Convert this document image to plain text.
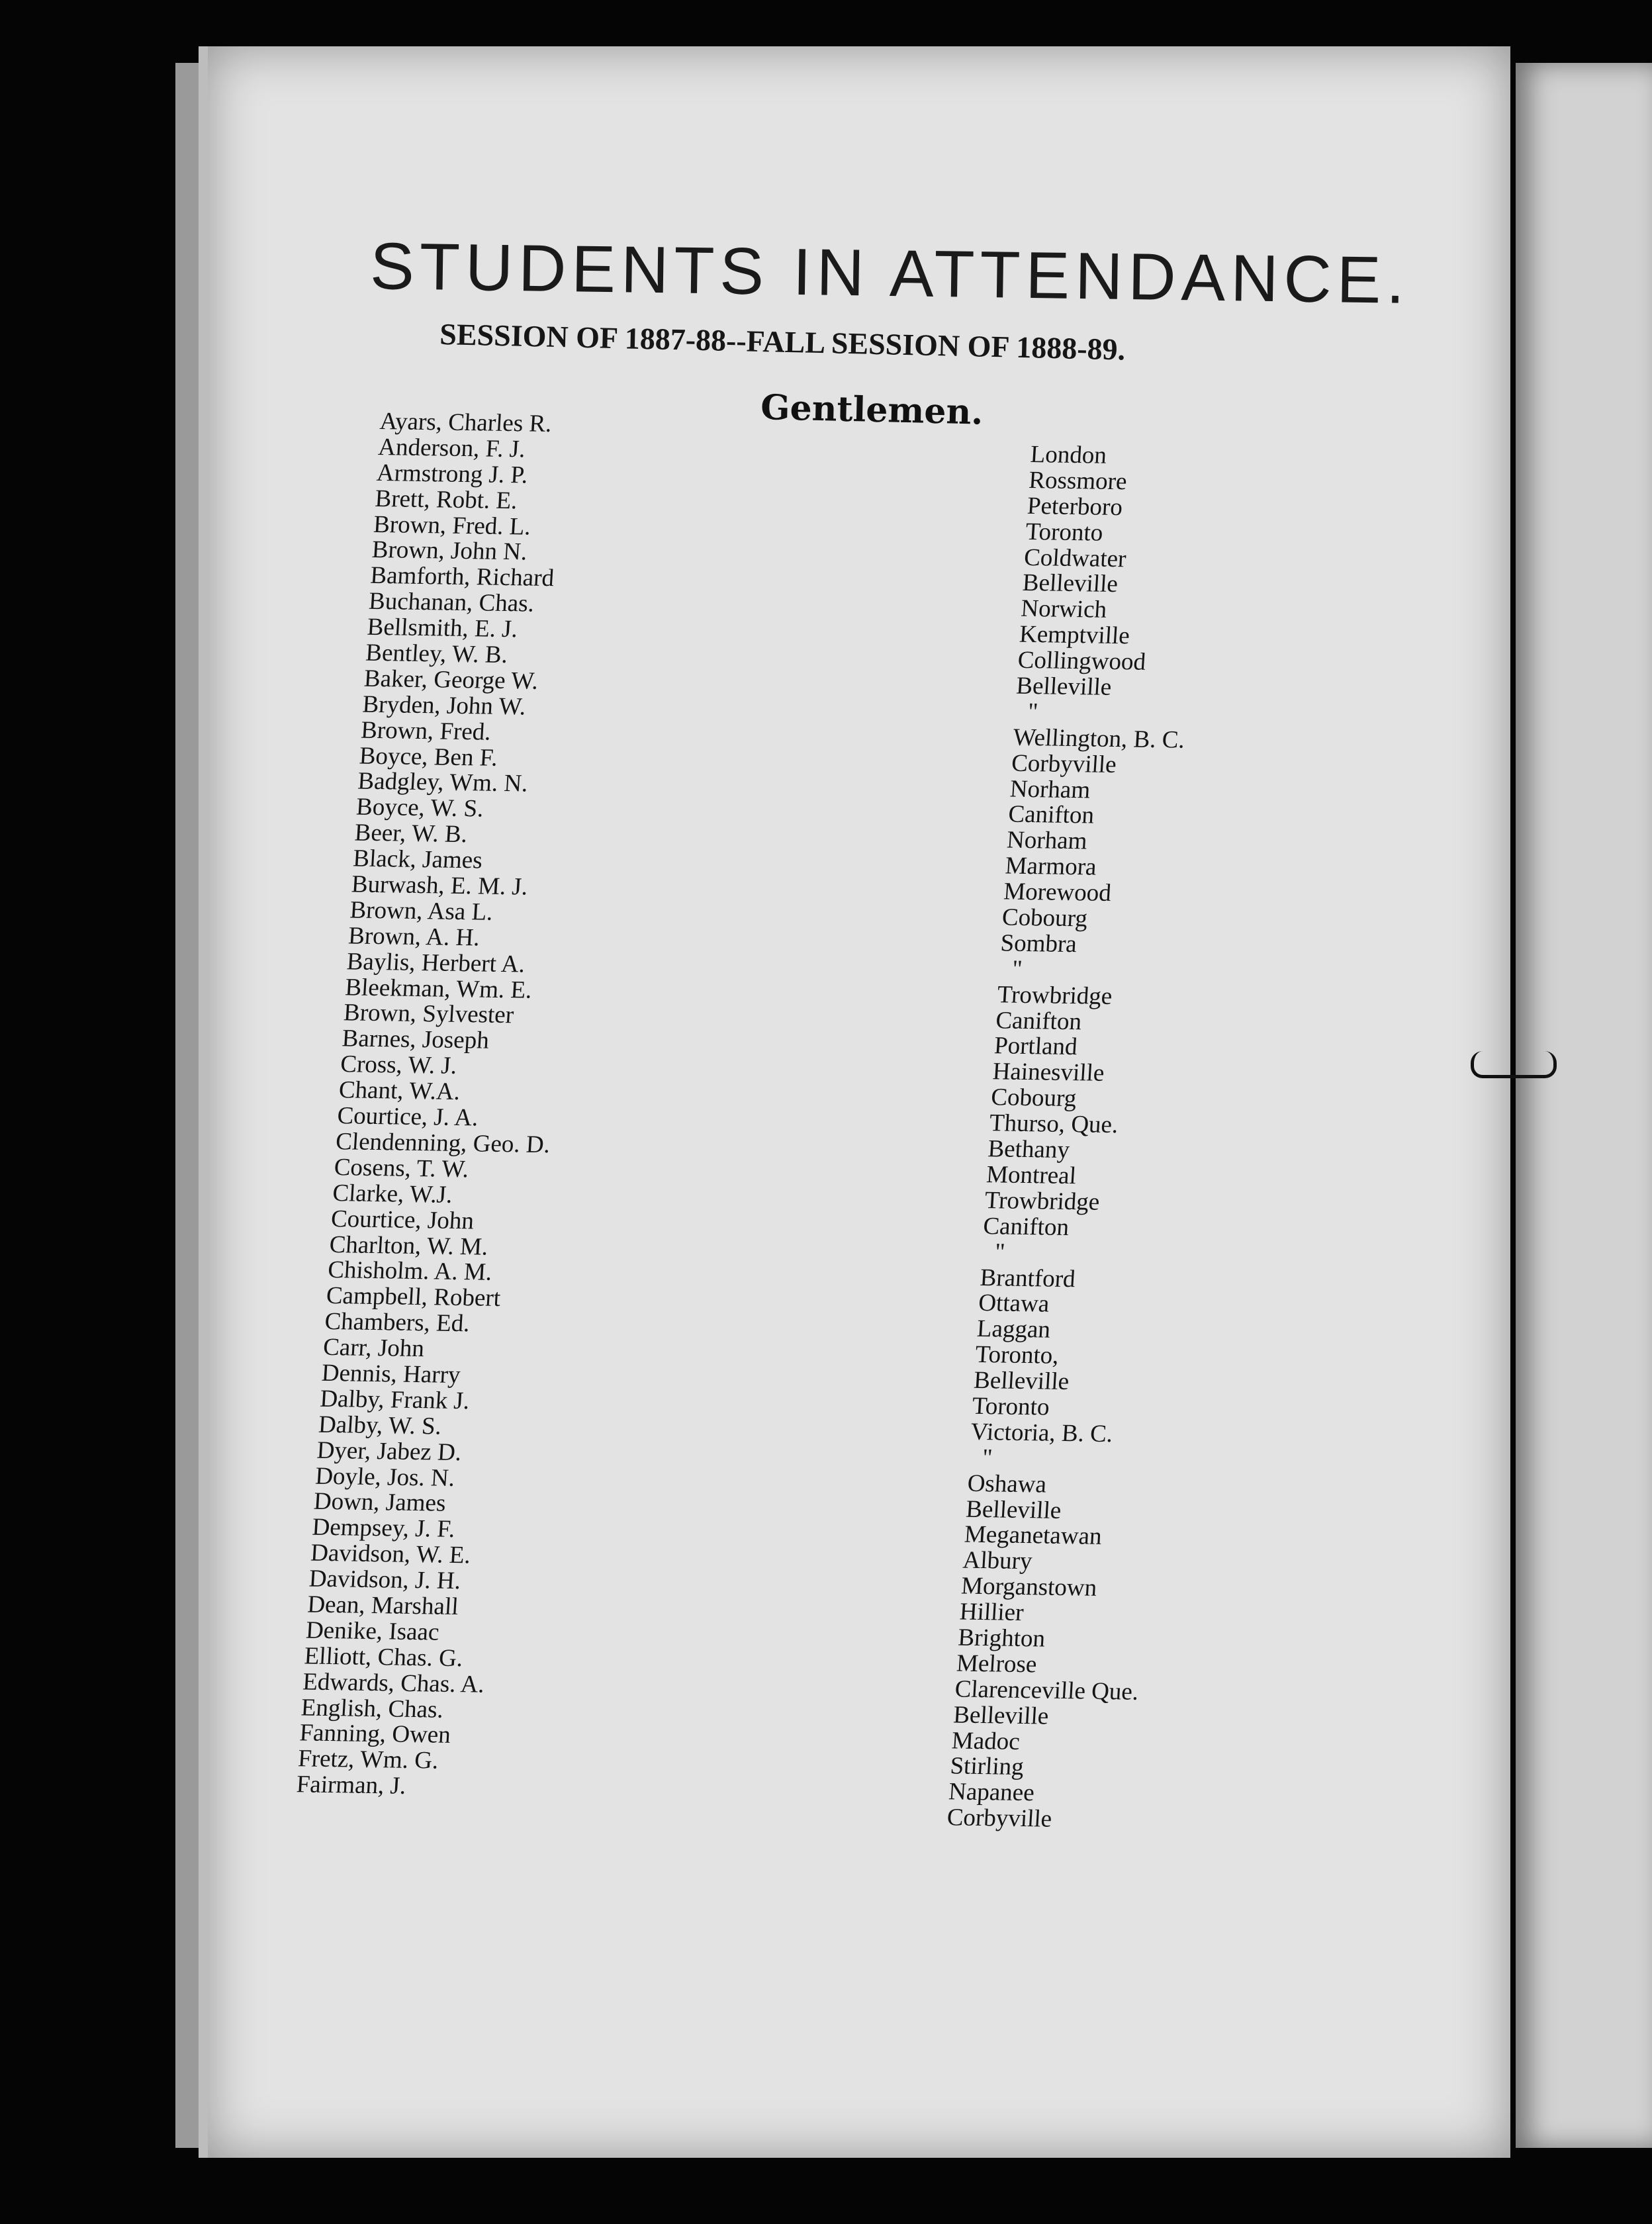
STUDENTS IN ATTENDANCE.
SESSION OF 1887-88--FALL SESSION OF 1888-89.
Gentlemen.
Ayars, Charles R.
Anderson, F. J.
Armstrong J. P.
Brett, Robt. E.
Brown, Fred. L.
Brown, John N.
Bamforth, Richard
Buchanan, Chas.
Bellsmith, E. J.
Bentley, W. B.
Baker, George W.
Bryden, John W.
Brown, Fred.
Boyce, Ben F.
Badgley, Wm. N.
Boyce, W. S.
Beer, W. B.
Black, James
Burwash, E. M. J.
Brown, Asa L.
Brown, A. H.
Baylis, Herbert A.
Bleekman, Wm. E.
Brown, Sylvester
Barnes, Joseph
Cross, W. J.
Chant, W.A.
Courtice, J. A.
Clendenning, Geo. D.
Cosens, T. W.
Clarke, W.J.
Courtice, John
Charlton, W. M.
Chisholm. A. M.
Campbell, Robert
Chambers, Ed.
Carr, John
Dennis, Harry
Dalby, Frank J.
Dalby, W. S.
Dyer, Jabez D.
Doyle, Jos. N.
Down, James
Dempsey, J. F.
Davidson, W. E.
Davidson, J. H.
Dean, Marshall
Denike, Isaac
Elliott, Chas. G.
Edwards, Chas. A.
English, Chas.
Fanning, Owen
Fretz, Wm. G.
Fairman, J.
London
Rossmore
Peterboro
Toronto
Coldwater
Belleville
Norwich
Kemptville
Collingwood
Belleville
"
Wellington, B. C.
Corbyville
Norham
Canifton
Norham
Marmora
Morewood
Cobourg
Sombra
"
Trowbridge
Canifton
Portland
Hainesville
Cobourg
Thurso, Que.
Bethany
Montreal
Trowbridge
Canifton
"
Brantford
Ottawa
Laggan
Toronto,
Belleville
Toronto
Victoria, B. C.
"
Oshawa
Belleville
Meganetawan
Albury
Morganstown
Hillier
Brighton
Melrose
Clarenceville Que.
Belleville
Madoc
Stirling
Napanee
Corbyville
